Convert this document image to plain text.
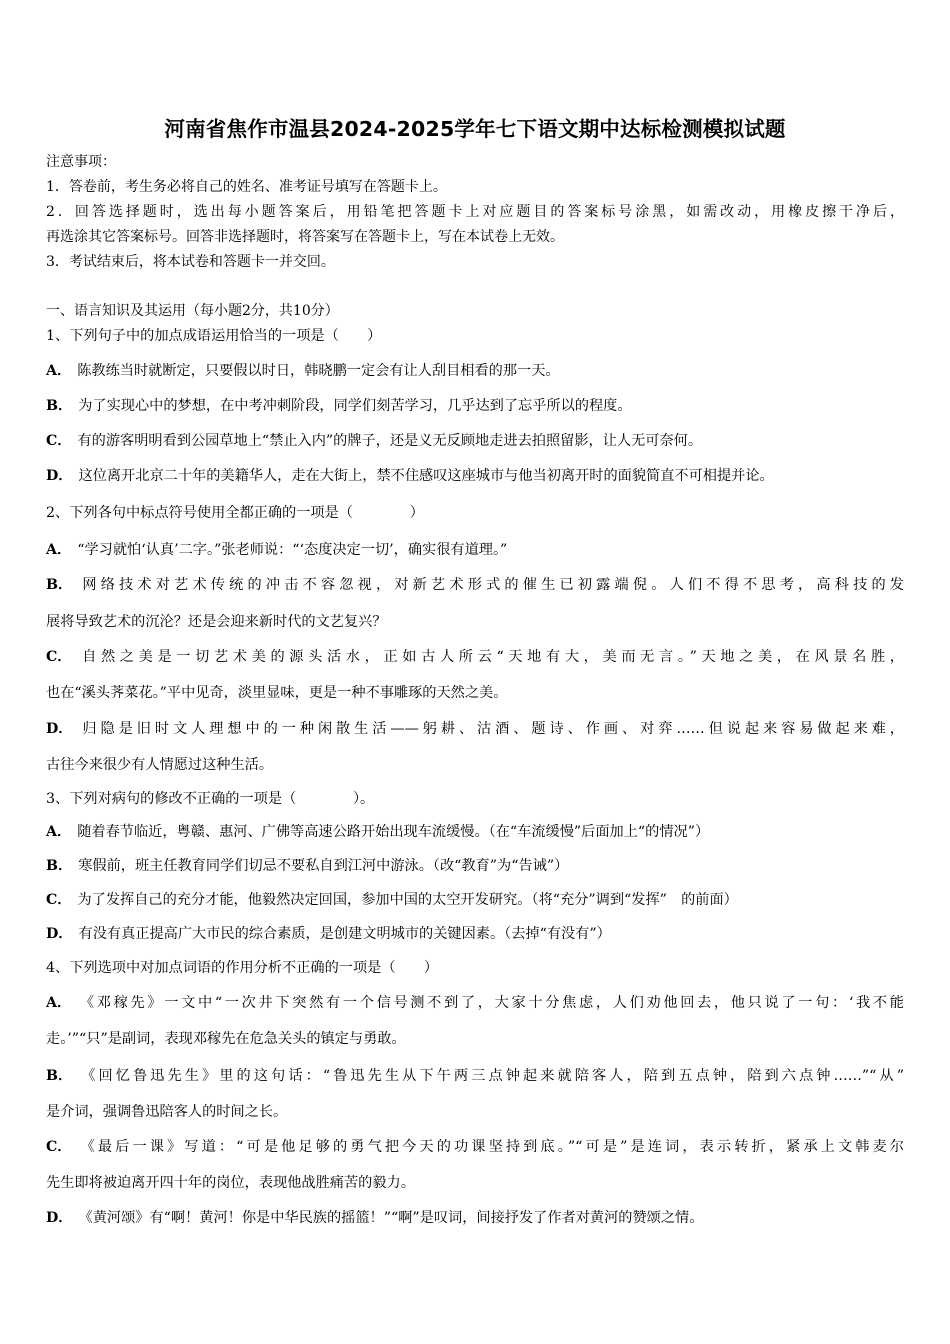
河南省焦作市温县2024-2025学年七下语文期中达标检测模拟试题
注意事项：
1．答卷前，考生务必将自己的姓名、准考证号填写在答题卡上。
2．回答选择题时，选出每小题答案后，用铅笔把答题卡上对应题目的答案标号涂黑，如需改动，用橡皮擦干净后，
再选涂其它答案标号。回答非选择题时，将答案写在答题卡上，写在本试卷上无效。
3．考试结束后，将本试卷和答题卡一并交回。
一、语言知识及其运用（每小题2分，共10分）
1、下列句子中的加点成语运用恰当的一项是（　　）
A． 陈教练当时就断定，只要假以时日，韩晓鹏一定会有让人刮目相看的那一天。
B． 为了实现心中的梦想，在中考冲刺阶段，同学们刻苦学习，几乎达到了忘乎所以的程度。
C． 有的游客明明看到公园草地上“禁止入内”的牌子，还是义无反顾地走进去拍照留影，让人无可奈何。
D． 这位离开北京二十年的美籍华人，走在大街上，禁不住感叹这座城市与他当初离开时的面貌简直不可相提并论。
2、下列各句中标点符号使用全都正确的一项是（　　　　）
A． “学习就怕‘认真’二字。”张老师说：“‘态度决定一切’，确实很有道理。”
B． 网络技术对艺术传统的冲击不容忽视，对新艺术形式的催生已初露端倪。人们不得不思考，高科技的发
展将导致艺术的沉沦？还是会迎来新时代的文艺复兴？
C． 自然之美是一切艺术美的源头活水，正如古人所云“天地有大，美而无言。”天地之美，在风景名胜，
也在“溪头荠菜花。”平中见奇，淡里显味，更是一种不事雕琢的天然之美。
D． 归隐是旧时文人理想中的一种闲散生活——躬耕、沽酒、题诗、作画、对弈……但说起来容易做起来难，
古往今来很少有人情愿过这种生活。
3、下列对病句的修改不正确的一项是（　　　　）。
A． 随着春节临近，粤赣、惠河、广佛等高速公路开始出现车流缓慢。（在“车流缓慢”后面加上“的情况”）
B． 寒假前，班主任教育同学们切忌不要私自到江河中游泳。（改“教育”为“告诫”）
C． 为了发挥自己的充分才能，他毅然决定回国，参加中国的太空开发研究。（将“充分”调到“发挥”　的前面）
D． 有没有真正提高广大市民的综合素质，是创建文明城市的关键因素。（去掉“有没有”）
4、下列选项中对加点词语的作用分析不正确的一项是（　　）
A． 《邓稼先》一文中“一次井下突然有一个信号测不到了，大家十分焦虑，人们劝他回去，他只说了一句：‘我不能
走。’”“只”是副词，表现邓稼先在危急关头的镇定与勇敢。
B． 《回忆鲁迅先生》里的这句话：“鲁迅先生从下午两三点钟起来就陪客人，陪到五点钟，陪到六点钟……”“从”
是介词，强调鲁迅陪客人的时间之长。
C． 《最后一课》写道：“可是他足够的勇气把今天的功课坚持到底。”“可是”是连词，表示转折，紧承上文韩麦尔
先生即将被迫离开四十年的岗位，表现他战胜痛苦的毅力。
D． 《黄河颂》有“啊！黄河！你是中华民族的摇篮！”“啊”是叹词，间接抒发了作者对黄河的赞颂之情。
